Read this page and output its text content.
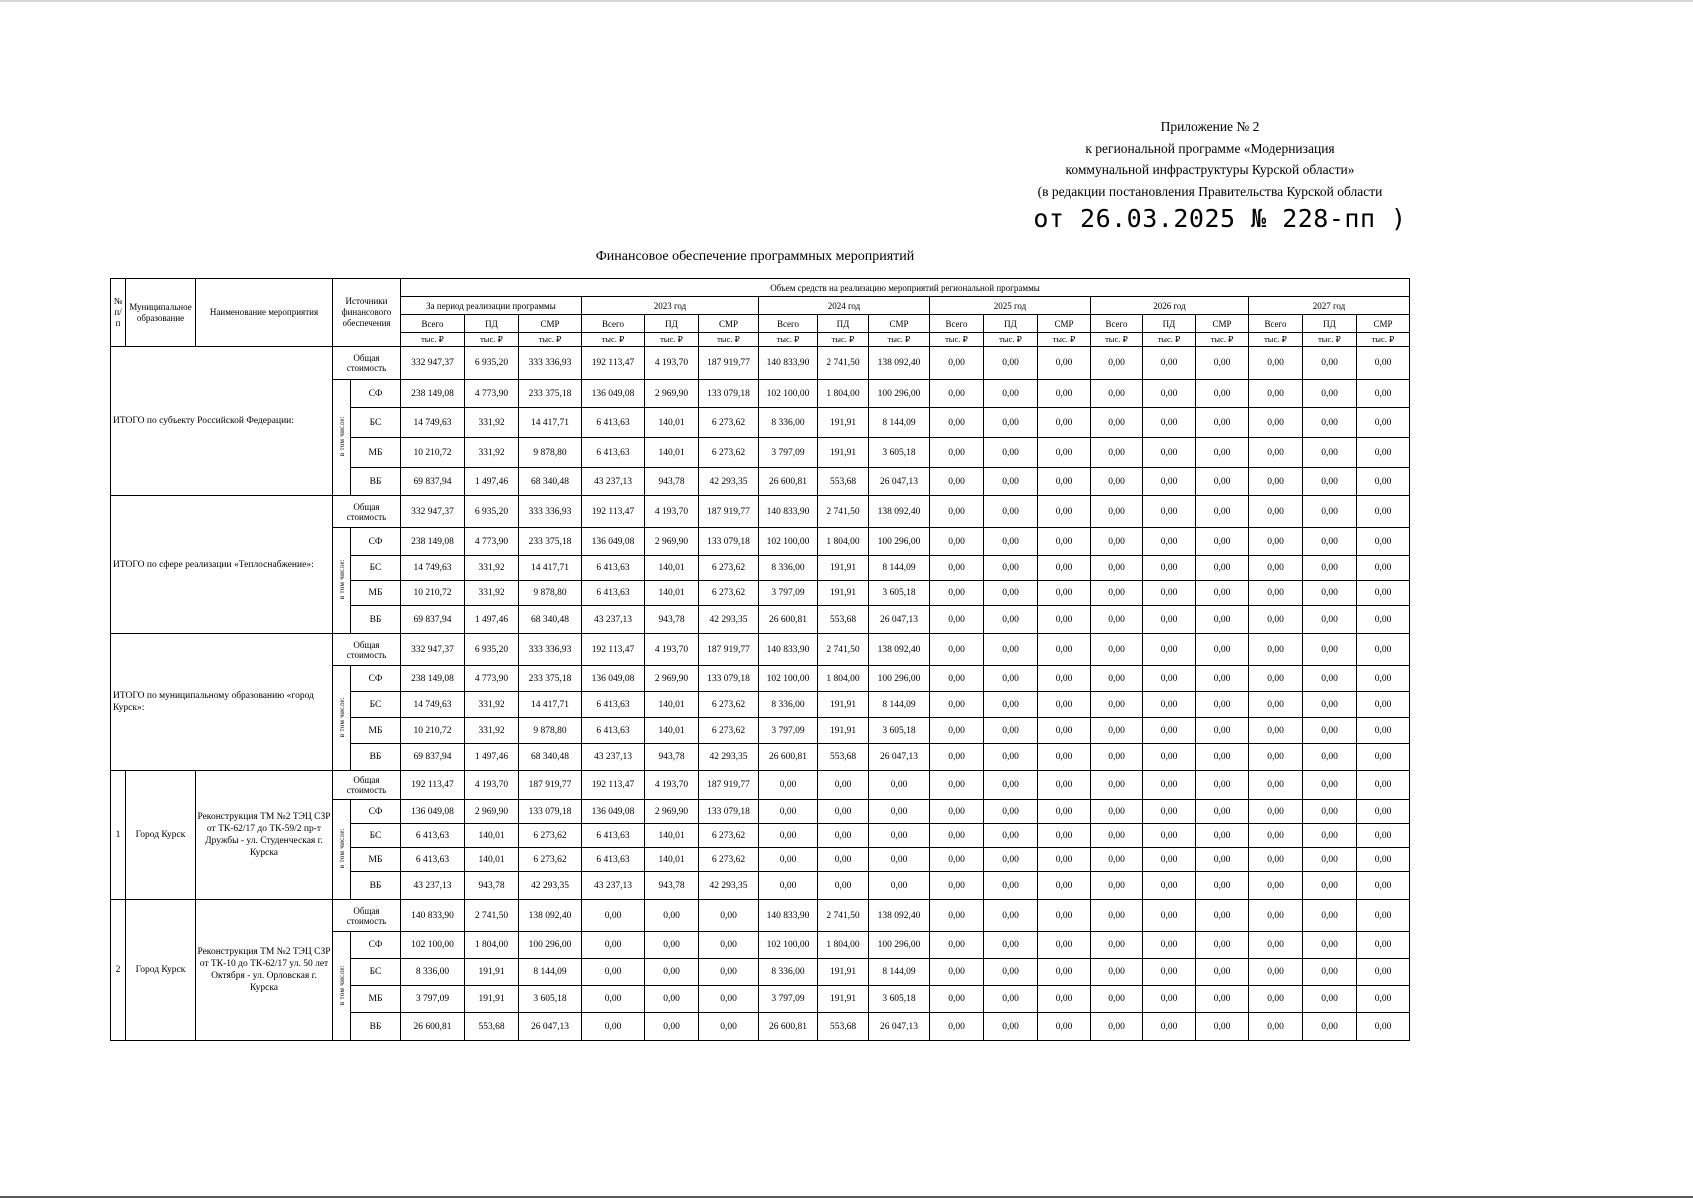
Приложение № 2
к региональной программе «Модернизация
коммунальной инфраструктуры Курской области»
(в редакции постановления Правительства Курской области
от 26.03.2025 № 228-пп )
Финансовое обеспечение программных мероприятий
№ п/п	Муниципальное образование	Наименование мероприятия	Источники финансового обеспечения		Объем средств на реализацию мероприятий региональной программы																	
					За период реализации программы			2023 год			2024 год			2025 год			2026 год			2027 год		
					Всего	ПД	СМР	Всего	ПД	СМР	Всего	ПД	СМР	Всего	ПД	СМР	Всего	ПД	СМР	Всего	ПД	СМР
					тыс. ₽	тыс. ₽	тыс. ₽	тыс. ₽	тыс. ₽	тыс. ₽	тыс. ₽	тыс. ₽	тыс. ₽	тыс. ₽	тыс. ₽	тыс. ₽	тыс. ₽	тыс. ₽	тыс. ₽	тыс. ₽	тыс. ₽	тыс. ₽
ИТОГО по субъекту Российской Федерации:			Общая стоимость		332 947,37	6 935,20	333 336,93	192 113,47	4 193,70	187 919,77	140 833,90	2 741,50	138 092,40	0,00	0,00	0,00	0,00	0,00	0,00	0,00	0,00	0,00
			в том числе:	СФ	238 149,08	4 773,90	233 375,18	136 049,08	2 969,90	133 079,18	102 100,00	1 804,00	100 296,00	0,00	0,00	0,00	0,00	0,00	0,00	0,00	0,00	0,00
				БС	14 749,63	331,92	14 417,71	6 413,63	140,01	6 273,62	8 336,00	191,91	8 144,09	0,00	0,00	0,00	0,00	0,00	0,00	0,00	0,00	0,00
				МБ	10 210,72	331,92	9 878,80	6 413,63	140,01	6 273,62	3 797,09	191,91	3 605,18	0,00	0,00	0,00	0,00	0,00	0,00	0,00	0,00	0,00
				ВБ	69 837,94	1 497,46	68 340,48	43 237,13	943,78	42 293,35	26 600,81	553,68	26 047,13	0,00	0,00	0,00	0,00	0,00	0,00	0,00	0,00	0,00
ИТОГО по сфере реализации «Теплоснабжение»:			Общая стоимость		332 947,37	6 935,20	333 336,93	192 113,47	4 193,70	187 919,77	140 833,90	2 741,50	138 092,40	0,00	0,00	0,00	0,00	0,00	0,00	0,00	0,00	0,00
			в том числе:	СФ	238 149,08	4 773,90	233 375,18	136 049,08	2 969,90	133 079,18	102 100,00	1 804,00	100 296,00	0,00	0,00	0,00	0,00	0,00	0,00	0,00	0,00	0,00
				БС	14 749,63	331,92	14 417,71	6 413,63	140,01	6 273,62	8 336,00	191,91	8 144,09	0,00	0,00	0,00	0,00	0,00	0,00	0,00	0,00	0,00
				МБ	10 210,72	331,92	9 878,80	6 413,63	140,01	6 273,62	3 797,09	191,91	3 605,18	0,00	0,00	0,00	0,00	0,00	0,00	0,00	0,00	0,00
				ВБ	69 837,94	1 497,46	68 340,48	43 237,13	943,78	42 293,35	26 600,81	553,68	26 047,13	0,00	0,00	0,00	0,00	0,00	0,00	0,00	0,00	0,00
ИТОГО по муниципальному образованию «город Курск»:			Общая стоимость		332 947,37	6 935,20	333 336,93	192 113,47	4 193,70	187 919,77	140 833,90	2 741,50	138 092,40	0,00	0,00	0,00	0,00	0,00	0,00	0,00	0,00	0,00
			в том числе:	СФ	238 149,08	4 773,90	233 375,18	136 049,08	2 969,90	133 079,18	102 100,00	1 804,00	100 296,00	0,00	0,00	0,00	0,00	0,00	0,00	0,00	0,00	0,00
				БС	14 749,63	331,92	14 417,71	6 413,63	140,01	6 273,62	8 336,00	191,91	8 144,09	0,00	0,00	0,00	0,00	0,00	0,00	0,00	0,00	0,00
				МБ	10 210,72	331,92	9 878,80	6 413,63	140,01	6 273,62	3 797,09	191,91	3 605,18	0,00	0,00	0,00	0,00	0,00	0,00	0,00	0,00	0,00
				ВБ	69 837,94	1 497,46	68 340,48	43 237,13	943,78	42 293,35	26 600,81	553,68	26 047,13	0,00	0,00	0,00	0,00	0,00	0,00	0,00	0,00	0,00
1	Город Курск	Реконструкция ТМ №2 ТЭЦ СЗР от ТК-62/17 до ТК-59/2 пр-т Дружбы - ул. Студенческая г. Курска	Общая стоимость		192 113,47	4 193,70	187 919,77	192 113,47	4 193,70	187 919,77	0,00	0,00	0,00	0,00	0,00	0,00	0,00	0,00	0,00	0,00	0,00	0,00
			в том числе:	СФ	136 049,08	2 969,90	133 079,18	136 049,08	2 969,90	133 079,18	0,00	0,00	0,00	0,00	0,00	0,00	0,00	0,00	0,00	0,00	0,00	0,00
				БС	6 413,63	140,01	6 273,62	6 413,63	140,01	6 273,62	0,00	0,00	0,00	0,00	0,00	0,00	0,00	0,00	0,00	0,00	0,00	0,00
				МБ	6 413,63	140,01	6 273,62	6 413,63	140,01	6 273,62	0,00	0,00	0,00	0,00	0,00	0,00	0,00	0,00	0,00	0,00	0,00	0,00
				ВБ	43 237,13	943,78	42 293,35	43 237,13	943,78	42 293,35	0,00	0,00	0,00	0,00	0,00	0,00	0,00	0,00	0,00	0,00	0,00	0,00
2	Город Курск	Реконструкция ТМ №2 ТЭЦ СЗР от ТК-10 до ТК-62/17 ул. 50 лет Октября - ул. Орловская г. Курска	Общая стоимость		140 833,90	2 741,50	138 092,40	0,00	0,00	0,00	140 833,90	2 741,50	138 092,40	0,00	0,00	0,00	0,00	0,00	0,00	0,00	0,00	0,00
			в том числе:	СФ	102 100,00	1 804,00	100 296,00	0,00	0,00	0,00	102 100,00	1 804,00	100 296,00	0,00	0,00	0,00	0,00	0,00	0,00	0,00	0,00	0,00
				БС	8 336,00	191,91	8 144,09	0,00	0,00	0,00	8 336,00	191,91	8 144,09	0,00	0,00	0,00	0,00	0,00	0,00	0,00	0,00	0,00
				МБ	3 797,09	191,91	3 605,18	0,00	0,00	0,00	3 797,09	191,91	3 605,18	0,00	0,00	0,00	0,00	0,00	0,00	0,00	0,00	0,00
				ВБ	26 600,81	553,68	26 047,13	0,00	0,00	0,00	26 600,81	553,68	26 047,13	0,00	0,00	0,00	0,00	0,00	0,00	0,00	0,00	0,00
